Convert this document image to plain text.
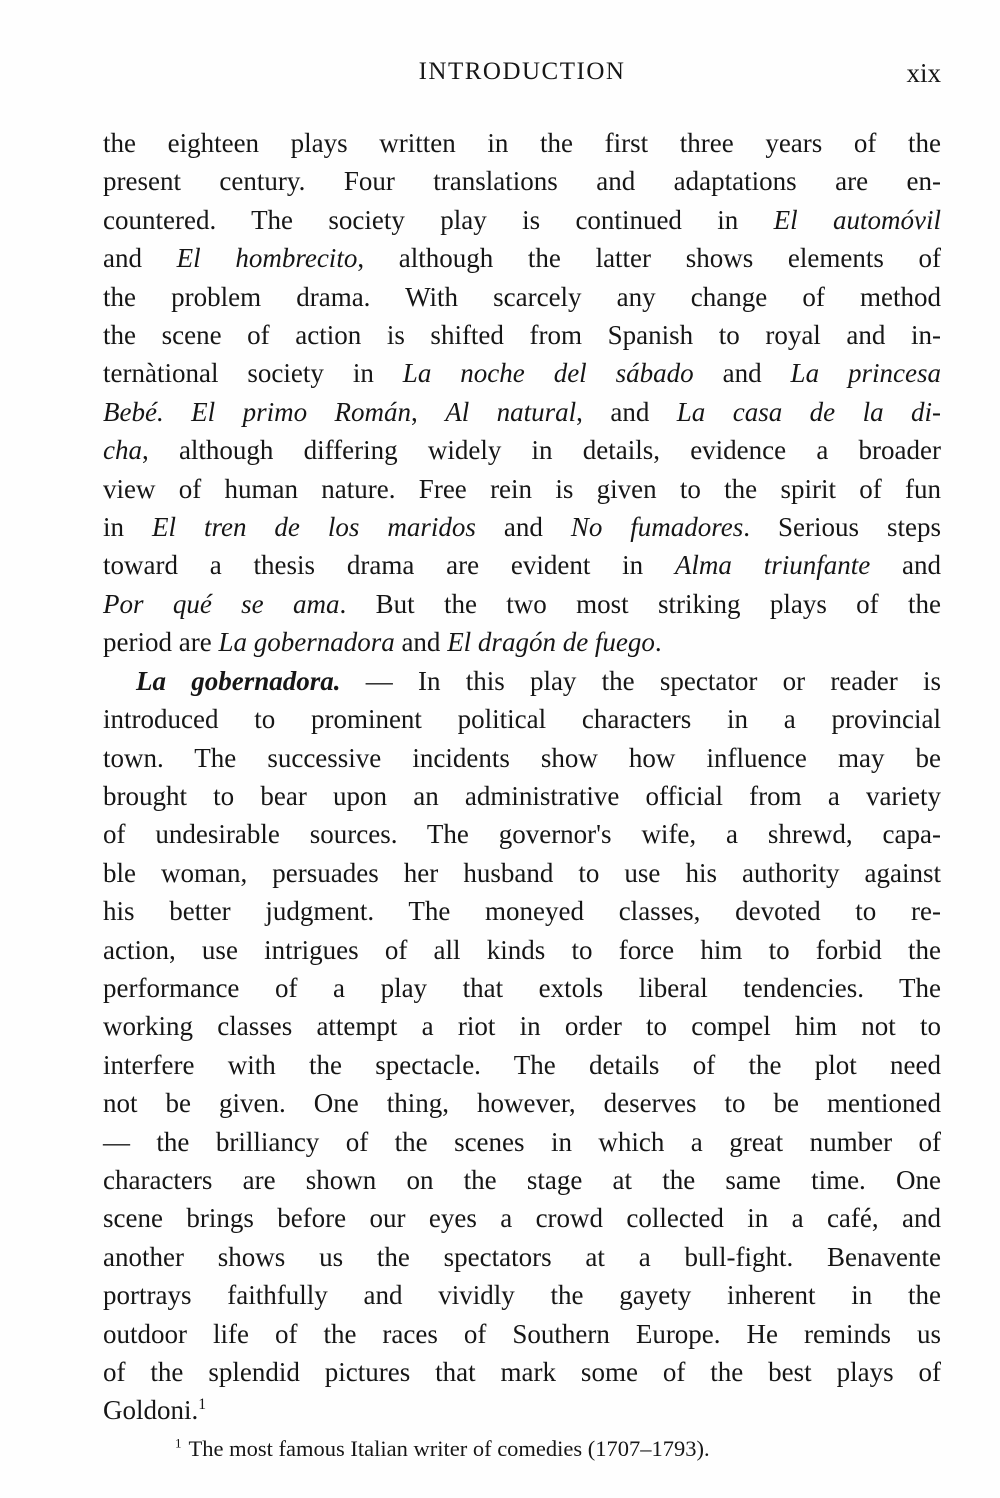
INTRODUCTION	xix
the eighteen plays written in the first three years of the
present century. Four translations and adaptations are en-
countered. The society play is continued in El automóvil
and El hombrecito, although the latter shows elements of
the problem drama. With scarcely any change of method
the scene of action is shifted from Spanish to royal and in-
ternàtional society in La noche del sábado and La princesa
Bebé. El primo Román, Al natural, and La casa de la di-
cha, although differing widely in details, evidence a broader
view of human nature. Free rein is given to the spirit of fun
in El tren de los maridos and No fumadores. Serious steps
toward a thesis drama are evident in Alma triunfante and
Por qué se ama. But the two most striking plays of the
period are La gobernadora and El dragón de fuego.
La gobernadora. — In this play the spectator or reader is
introduced to prominent political characters in a provincial
town. The successive incidents show how influence may be
brought to bear upon an administrative official from a variety
of undesirable sources. The governor's wife, a shrewd, capa-
ble woman, persuades her husband to use his authority against
his better judgment. The moneyed classes, devoted to re-
action, use intrigues of all kinds to force him to forbid the
performance of a play that extols liberal tendencies. The
working classes attempt a riot in order to compel him not to
interfere with the spectacle. The details of the plot need
not be given. One thing, however, deserves to be mentioned
— the brilliancy of the scenes in which a great number of
characters are shown on the stage at the same time. One
scene brings before our eyes a crowd collected in a café, and
another shows us the spectators at a bull-fight. Benavente
portrays faithfully and vividly the gayety inherent in the
outdoor life of the races of Southern Europe. He reminds us
of the splendid pictures that mark some of the best plays of
Goldoni.$^1$
$^1$ The most famous Italian writer of comedies (1707–1793).
